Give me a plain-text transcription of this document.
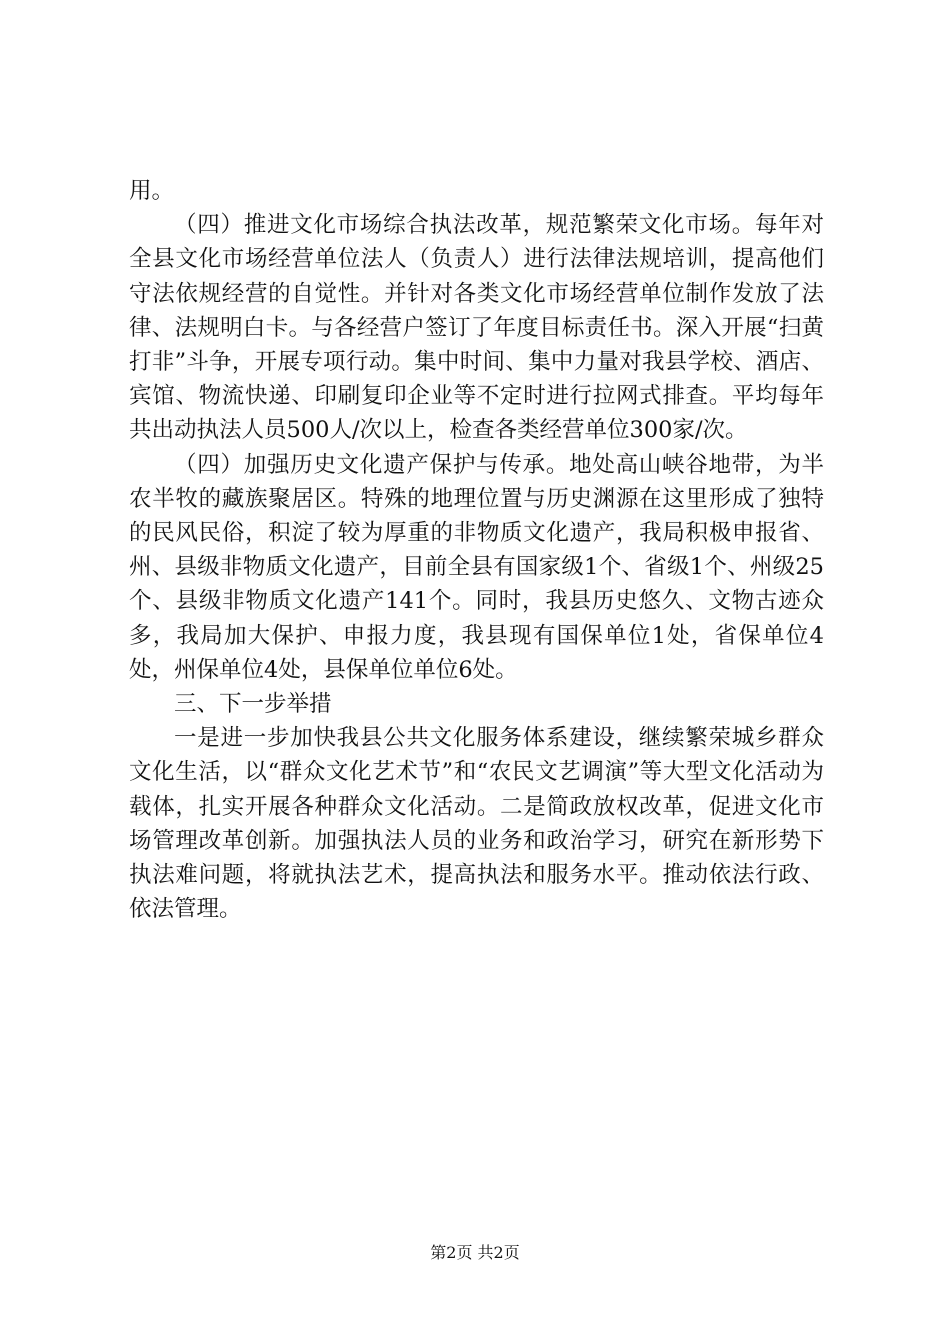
用。

（四）推进文化市场综合执法改革，规范繁荣文化市场。每年对全县文化市场经营单位法人（负责人）进行法律法规培训，提高他们守法依规经营的自觉性。并针对各类文化市场经营单位制作发放了法律、法规明白卡。与各经营户签订了年度目标责任书。深入开展“扫黄打非”斗争，开展专项行动。集中时间、集中力量对我县学校、酒店、宾馆、物流快递、印刷复印企业等不定时进行拉网式排查。平均每年共出动执法人员500人/次以上，检查各类经营单位300家/次。

（四）加强历史文化遗产保护与传承。地处高山峡谷地带，为半农半牧的藏族聚居区。特殊的地理位置与历史渊源在这里形成了独特的民风民俗，积淀了较为厚重的非物质文化遗产，我局积极申报省、州、县级非物质文化遗产，目前全县有国家级1个、省级1个、州级25个、县级非物质文化遗产141个。同时，我县历史悠久、文物古迹众多，我局加大保护、申报力度，我县现有国保单位1处，省保单位4处，州保单位4处，县保单位单位6处。

三、下一步举措

一是进一步加快我县公共文化服务体系建设，继续繁荣城乡群众文化生活，以“群众文化艺术节”和“农民文艺调演”等大型文化活动为载体，扎实开展各种群众文化活动。二是简政放权改革，促进文化市场管理改革创新。加强执法人员的业务和政治学习，研究在新形势下执法难问题，将就执法艺术，提高执法和服务水平。推动依法行政、依法管理。

第2页 共2页
